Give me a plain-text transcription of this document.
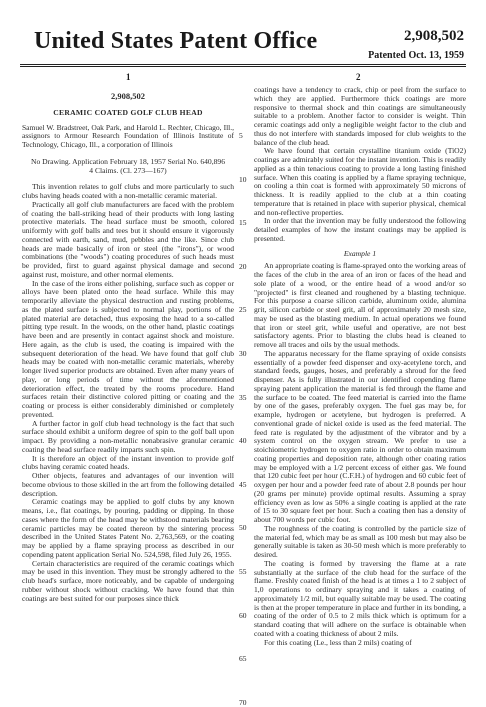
United States Patent Office	2,908,502
Patented Oct. 13, 1959
1	2

2,908,502

CERAMIC COATED GOLF CLUB HEAD

Samuel W. Bradstreet, Oak Park, and Harold L. Rechter, Chicago, Ill., assignors to Armour Research Foundation of Illinois Institute of Technology, Chicago, Ill., a corporation of Illinois

No Drawing. Application February 18, 1957 Serial No. 640,896

4 Claims. (Cl. 273—167)

This invention relates to golf clubs and more particularly to such clubs having heads coated with a non-metallic ceramic material.

Practically all golf club manufacturers are faced with the problem of coating the ball-striking head of their products with long lasting protective materials. The head surface must be smooth, colored uniformly with golf balls and tees but it should ensure it vigorously connected with earth, sand, mud, pebbles and the like. Since club heads are made basically of iron or steel (the "irons"), or wood combinations (the "woods") coating procedures of such heads must be provided, first to guard against physical damage and second against rust, moisture, and other normal elements.

In the case of the irons either polishing, surface such as copper or alloys have been plated onto the head surface. While this may temporarily alleviate the physical destruction and rusting problems, as the plated surface is subjected to normal play, portions of the plated material are detached, thus exposing the head to a so-called pitting type result. In the woods, on the other hand, plastic coatings have been and are presently in contact against shock and moisture. Here again, as the club is used, the coating is impaired with the subsequent deterioration of the head. We have found that golf club heads may be coated with non-metallic ceramic materials, whereby longer lived superior products are obtained. Even after many years of play, or long periods of time without the aforementioned deterioration effect, the treated by the rooms procedure. Hand surfaces retain their distinctive colored pitting or coating and the coating or process is either considerably diminished or completely prevented.

A further factor in golf club head technology is the fact that such surface should exhibit a uniform degree of spin to the golf ball upon impact. By providing a non-metallic nonabrasive granular ceramic coating the head surface readily imparts such spin.

It is therefore an object of the instant invention to provide golf clubs having ceramic coated heads.

Other objects, features and advantages of our invention will become obvious to those skilled in the art from the following detailed description.

Ceramic coatings may be applied to golf clubs by any known means, i.e., flat coatings, by pouring, padding or dipping. In those cases where the form of the head may be withstood materials bearing ceramic particles may be coated thereon by the sintering process described in the United States Patent No. 2,763,569, or the coating may be applied by a flame spraying process as described in our copending patent application Serial No. 524,598, filed July 26, 1955.

Certain characteristics are required of the ceramic coatings which may be used in this invention. They must be strongly adhered to the club head's surface, more noticeably, and be capable of undergoing rubber without shock without cracking. We have found that thin coatings are best suited for our purposes since thick

5
10
15
20
25
30
35
40
45
50
55
60
65
70

coatings have a tendency to crack, chip or peel from the surface to which they are applied. Furthermore thick coatings are more responsive to thermal shock and thin coatings are simultaneously suitable to a problem. Another factor to consider is weight. Thin ceramic coatings add only a negligible weight factor to the club and thus do not interfere with standards imposed for club weights to the balance of the club head.

We have found that certain crystalline titanium oxide (TiO2) coatings are admirably suited for the instant invention. This is readily applied as a thin tenacious coating to provide a long lasting finished surface. When this coating is applied by a flame spraying technique, on cooling a thin coat is formed with approximately 50 microns of thickness. It is readily applied to the club at a thin coating temperature that is retained in place with superior physical, chemical and non-reflective properties.

In order that the invention may be fully understood the following detailed examples of how the instant coatings may be applied is presented.

Example 1

An appropriate coating is flame-sprayed onto the working areas of the faces of the club in the area of an iron or faces of the head and sole plate of a wood, or the entire head of a wood and/or so "projected" is first cleaned and roughened by a blasting technique. For this purpose a coarse silicon carbide, aluminum oxide, alumina grit, silicon carbide or steel grit, all of approximately 20 mesh size, may be used as the blasting medium. In actual operations we found that iron or steel grit, while useful and operative, are not best satisfactory agents. Prior to blasting the clubs head is cleaned to remove all traces and oils by the usual methods.

The apparatus necessary for the flame spraying of oxide consists essentially of a powder feed dispenser and oxy-acetylene torch, and standard feeds, gauges, hoses, and preferably a shroud for the feed dispenser. As is fully illustrated in our identified copending flame spraying patent application the material is fed through the flame and the surface to be coated. The feed material is carried into the flame by one of the gases, preferably oxygen. The fuel gas may be, for example, hydrogen or acetylene, but hydrogen is preferred. A conventional grade of nickel oxide is used as the feed material. The feed rate is regulated by the adjustment of the vibrator and by a system control on the oxygen stream. We prefer to use a stoichiometric hydrogen to oxygen ratio in order to obtain maximum coating properties and deposition rate, although other coating ratios may be employed with a 1/2 percent excess of either gas. We found that 120 cubic feet per hour (C.F.H.) of hydrogen and 60 cubic feet of oxygen per hour and a powder feed rate of about 2.8 pounds per hour (20 grams per minute) provide optimal results. Assuming a spray efficiency even as low as 50% a single coating is applied at the rate of 15 to 30 square feet per hour. Such a coating then has a density of about 700 words per cubic foot.

The roughness of the coating is controlled by the particle size of the material fed, which may be as small as 100 mesh but may also be generally suitable is taken as 30-50 mesh which is more preferably to desired.

The coating is formed by traversing the flame at a rate substantially at the surface of the club head for the surface of the flame. Freshly coated finish of the head is at times a 1 to 2 subject of 1,0 operations to ordinary spraying and it takes a coating of approximately 1/2 mil, but equally suitable may be used. The coating is then at the proper temperature in place and further in its bonding, a coating of the order of 0.5 to 2 mils thick which is optimum for a standard coating that will adhere on the surface is obtainable when coated with a coating thickness of about 2 mils.

For this coating (Le., less than 2 mils) coating of
